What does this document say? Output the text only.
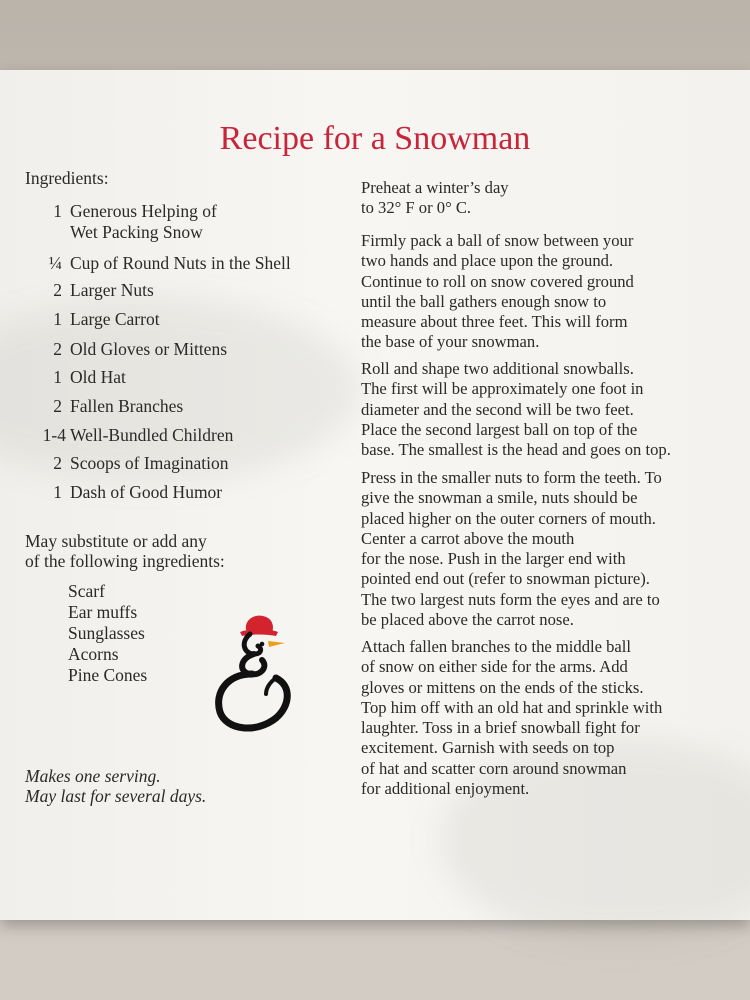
Recipe for a Snowman

Ingredients:

1 Generous Helping of

Wet Packing Snow

¼ Cup of Round Nuts in the Shell

2 Larger Nuts

1 Large Carrot

2 Old Gloves or Mittens

1 Old Hat

2 Fallen Branches

1-4 Well-Bundled Children

2 Scoops of Imagination

1 Dash of Good Humor

May substitute or add any

of the following ingredients:

Scarf

Ear muffs

Sunglasses

Acorns

Pine Cones

Makes one serving.

May last for several days.

Preheat a winter’s day
to 32° F or 0° C.
Firmly pack a ball of snow between your
two hands and place upon the ground.
Continue to roll on snow covered ground
until the ball gathers enough snow to
measure about three feet. This will form
the base of your snowman.
Roll and shape two additional snowballs.
The first will be approximately one foot in
diameter and the second will be two feet.
Place the second largest ball on top of the
base. The smallest is the head and goes on top.
Press in the smaller nuts to form the teeth. To
give the snowman a smile, nuts should be
placed higher on the outer corners of mouth.
Center a carrot above the mouth
for the nose. Push in the larger end with
pointed end out (refer to snowman picture).
The two largest nuts form the eyes and are to
be placed above the carrot nose.
Attach fallen branches to the middle ball
of snow on either side for the arms. Add
gloves or mittens on the ends of the sticks.
Top him off with an old hat and sprinkle with
laughter. Toss in a brief snowball fight for
excitement. Garnish with seeds on top
of hat and scatter corn around snowman
for additional enjoyment.
